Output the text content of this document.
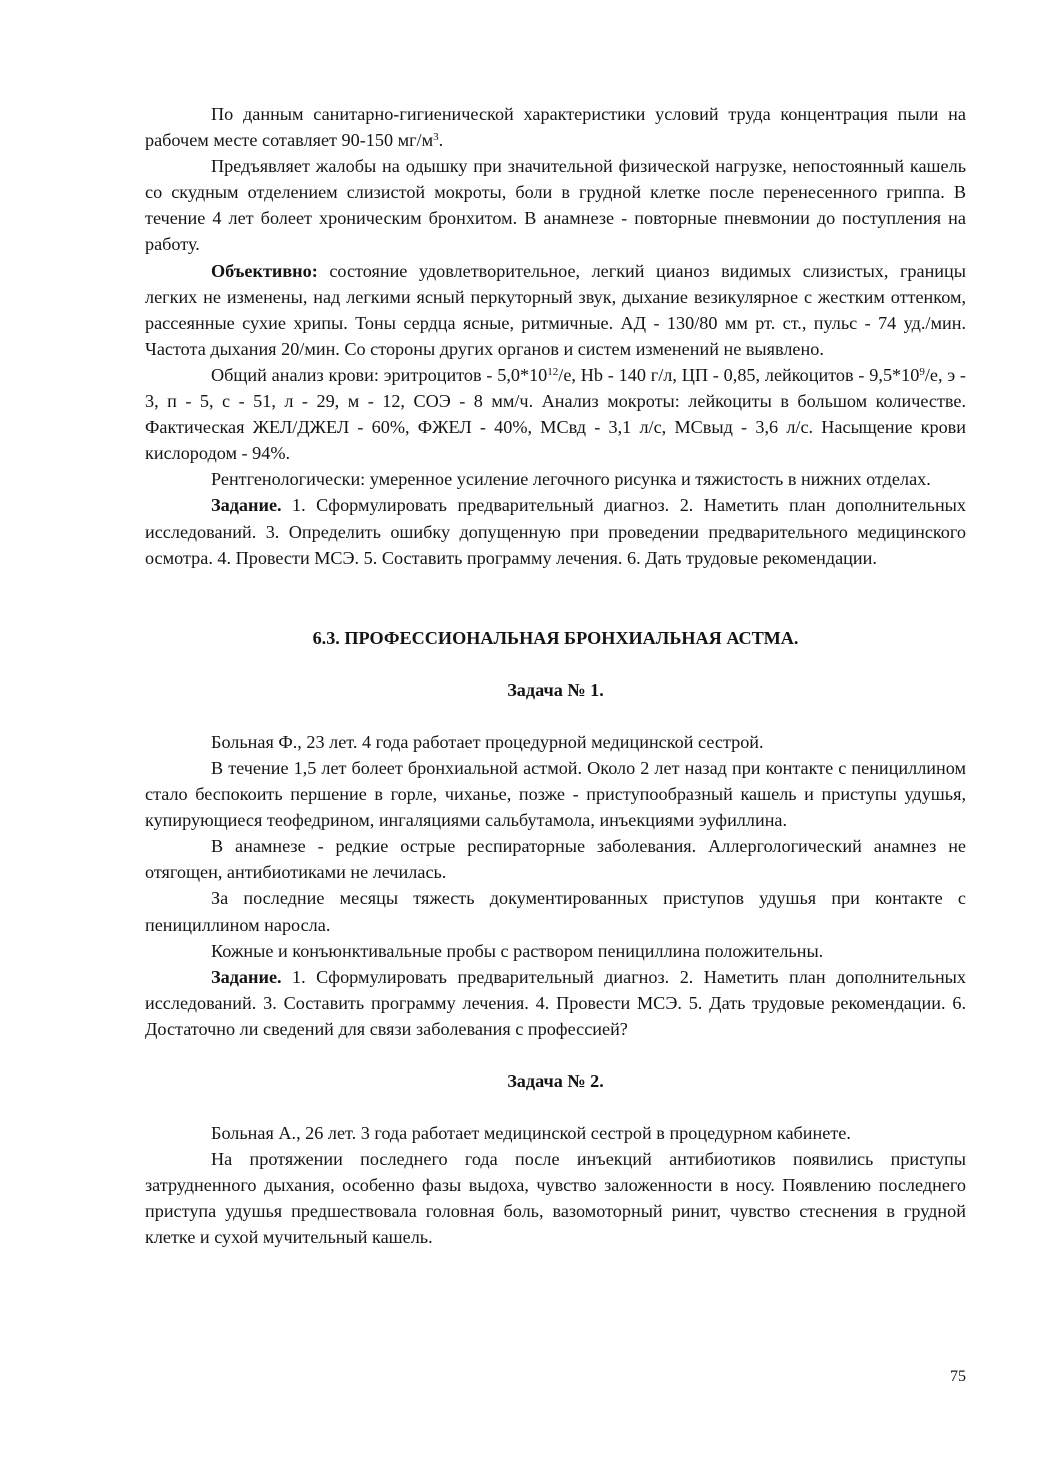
По данным санитарно-гигиенической характеристики условий труда концентрация пыли на рабочем месте сотавляет 90-150 $мг/м^3$.

Предъявляет жалобы на одышку при значительной физической нагрузке, непостоянный кашель со скудным отделением слизистой мокроты, боли в грудной клетке после перенесенного гриппа. В течение 4 лет болеет хроническим бронхитом. В анамнезе - повторные пневмонии до поступления на работу.

Объективно: состояние удовлетворительное, легкий цианоз видимых слизистых, границы легких не изменены, над легкими ясный перкуторный звук, дыхание везикулярное с жестким оттенком, рассеянные сухие хрипы. Тоны сердца ясные, ритмичные. АД - 130/80 мм рт. ст., пульс - 74 уд./мин. Частота дыхания 20/мин. Со стороны других органов и систем изменений не выявлено.

Общий анализ крови: эритроцитов - $5,0*10^{12}/е$, Hb - 140 г/л, ЦП - 0,85, лейкоцитов - $9,5*10^9/е$, э - 3, п - 5, с - 51, л - 29, м - 12, СОЭ - 8 мм/ч. Анализ мокроты: лейкоциты в большом количестве. Фактическая ЖЕЛ/ДЖЕЛ - 60%, ФЖЕЛ - 40%, МСвд - 3,1 л/с, МСвыд - 3,6 л/с. Насыщение крови кислородом - 94%.

Рентгенологически: умеренное усиление легочного рисунка и тяжистость в нижних отделах.

Задание. 1. Сформулировать предварительный диагноз. 2. Наметить план дополнительных исследований. 3. Определить ошибку допущенную при проведении предварительного медицинского осмотра. 4. Провести МСЭ. 5. Составить программу лечения. 6. Дать трудовые рекомендации.

6.3. ПРОФЕССИОНАЛЬНАЯ БРОНХИАЛЬНАЯ АСТМА.

Задача № 1.

Больная Ф., 23 лет. 4 года работает процедурной медицинской сестрой.

В течение 1,5 лет болеет бронхиальной астмой. Около 2 лет назад при контакте с пенициллином стало беспокоить першение в горле, чиханье, позже - приступообразный кашель и приступы удушья, купирующиеся теофедрином, ингаляциями сальбутамола, инъекциями эуфиллина.

В анамнезе - редкие острые респираторные заболевания. Аллергологический анамнез не отягощен, антибиотиками не лечилась.

За последние месяцы тяжесть документированных приступов удушья при контакте с пенициллином наросла.

Кожные и конъюнктивальные пробы с раствором пенициллина положительны.

Задание. 1. Сформулировать предварительный диагноз. 2. Наметить план дополнительных исследований. 3. Составить программу лечения. 4. Провести МСЭ. 5. Дать трудовые рекомендации. 6. Достаточно ли сведений для связи заболевания с профессией?

Задача № 2.

Больная А., 26 лет. 3 года работает медицинской сестрой в процедурном кабинете.

На протяжении последнего года после инъекций антибиотиков появились приступы затрудненного дыхания, особенно фазы выдоха, чувство заложенности в носу. Появлению последнего приступа удушья предшествовала головная боль, вазомоторный ринит, чувство стеснения в грудной клетке и сухой мучительный кашель.

75
